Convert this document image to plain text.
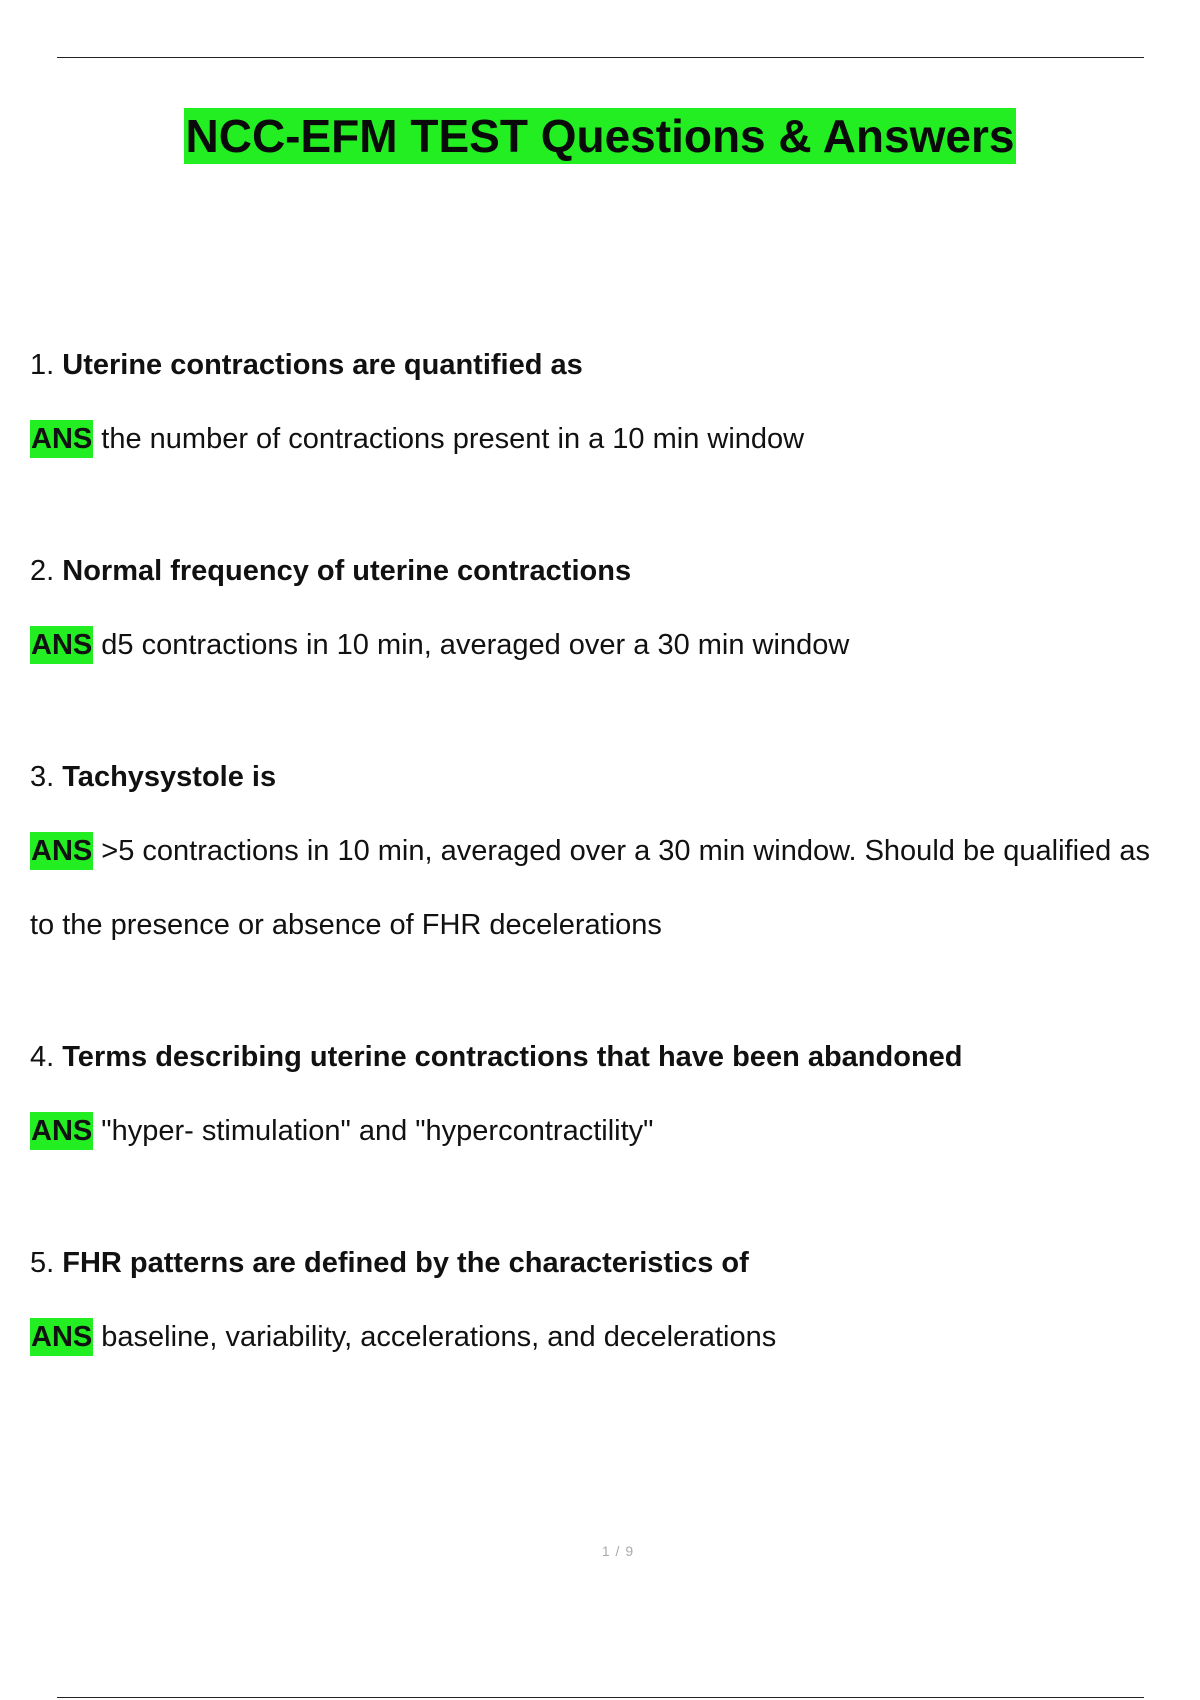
NCC-EFM TEST Questions & Answers
1. Uterine contractions are quantified as
ANS the number of contractions present in a 10 min window
2. Normal frequency of uterine contractions
ANS d5 contractions in 10 min, averaged over a 30 min window
3. Tachysystole is
ANS >5 contractions in 10 min, averaged over a 30 min window. Should be qualified as to the presence or absence of FHR decelerations
4. Terms describing uterine contractions that have been abandoned
ANS "hyper- stimulation" and "hypercontractility"
5. FHR patterns are defined by the characteristics of
ANS baseline, variability, accelerations, and decelerations
1 / 9
